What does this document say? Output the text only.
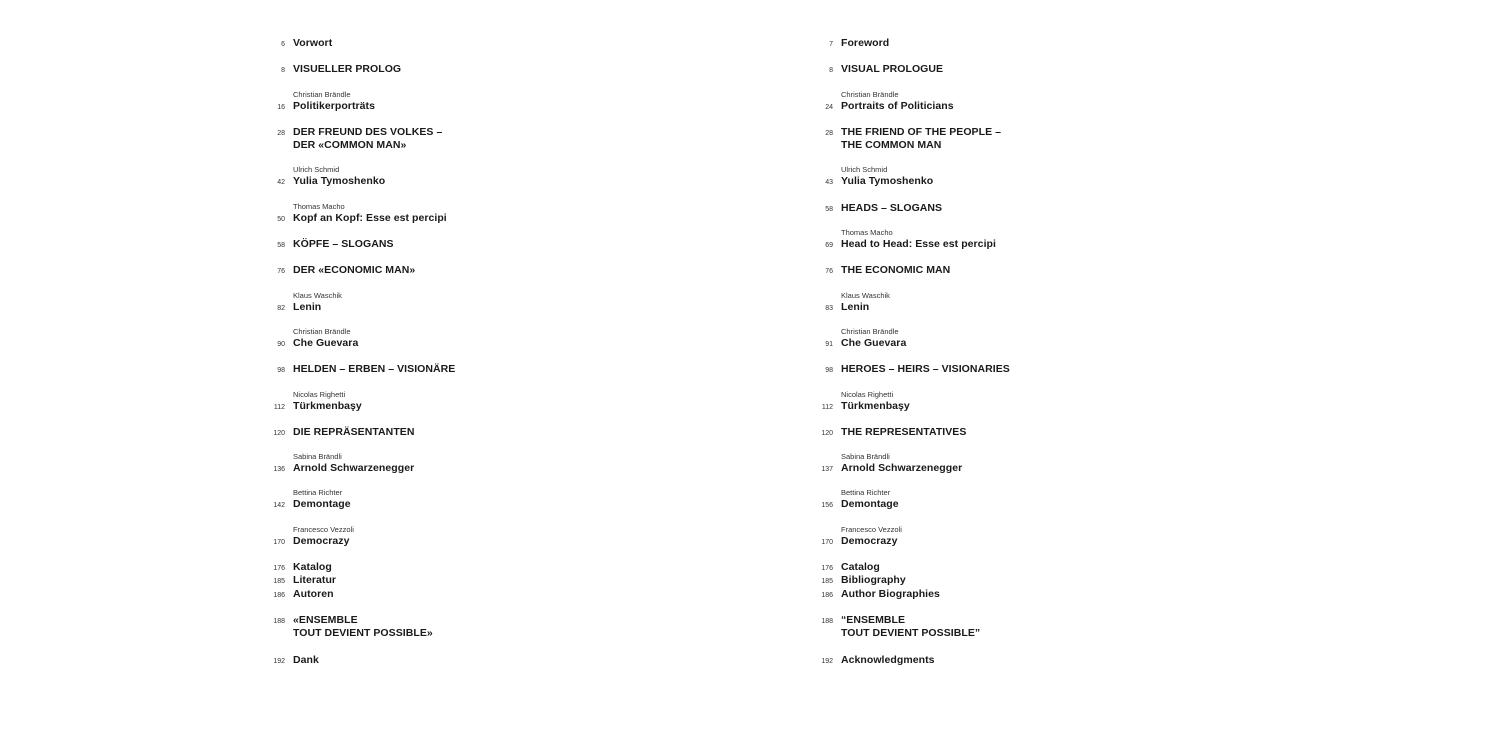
6 Vorwort
8 VISUELLER PROLOG
Christian Brändle
16 Politikerporträts
28 DER FREUND DES VOLKES –
DER «COMMON MAN»
Ulrich Schmid
42 Yulia Tymoshenko
Thomas Macho
50 Kopf an Kopf: Esse est percipi
58 KÖPFE – SLOGANS
76 DER «ECONOMIC MAN»
Klaus Waschik
82 Lenin
Christian Brändle
90 Che Guevara
98 HELDEN – ERBEN – VISIONÄRE
Nicolas Righetti
112 Türkmenbaşy
120 DIE REPRÄSENTANTEN
Sabina Brändli
136 Arnold Schwarzenegger
Bettina Richter
142 Demontage
Francesco Vezzoli
170 Democrazy
176 Katalog
185 Literatur
186 Autoren
188 «ENSEMBLE
TOUT DEVIENT POSSIBLE»
192 Dank
7 Foreword
8 VISUAL PROLOGUE
Christian Brändle
24 Portraits of Politicians
28 THE FRIEND OF THE PEOPLE –
THE COMMON MAN
Ulrich Schmid
43 Yulia Tymoshenko
58 HEADS – SLOGANS
Thomas Macho
69 Head to Head: Esse est percipi
76 THE ECONOMIC MAN
Klaus Waschik
83 Lenin
Christian Brändle
91 Che Guevara
98 HEROES – HEIRS – VISIONARIES
Nicolas Righetti
112 Türkmenbaşy
120 THE REPRESENTATIVES
Sabina Brändli
137 Arnold Schwarzenegger
Bettina Richter
156 Demontage
Francesco Vezzoli
170 Democrazy
176 Catalog
185 Bibliography
186 Author Biographies
188 “ENSEMBLE
TOUT DEVIENT POSSIBLE”
192 Acknowledgments
